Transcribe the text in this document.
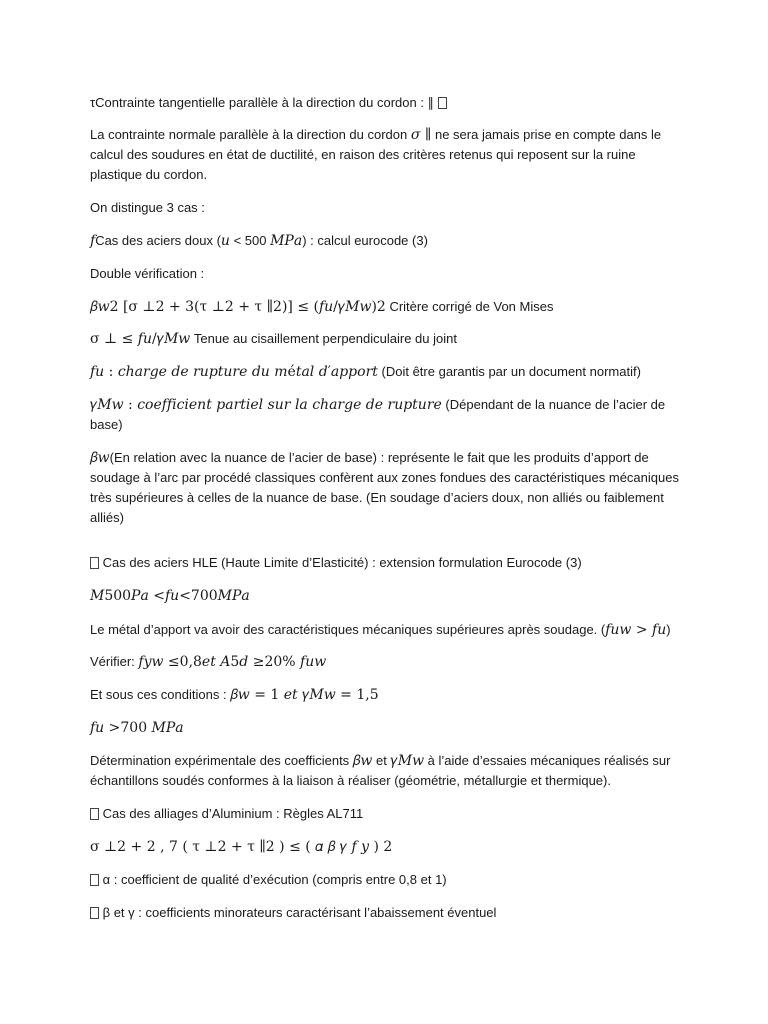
τContrainte tangentielle parallèle à la direction du cordon : ∥

La contrainte normale parallèle à la direction du cordon σ ∥ ne sera jamais prise en compte dans le calcul des soudures en état de ductilité, en raison des critères retenus qui reposent sur la ruine plastique du cordon.

On distingue 3 cas :

fCas des aciers doux (u < 500 𝑀𝑃𝑎) : calcul eurocode (3)

Double vérification :

𝛽𝑤2 [σ ⊥2 + 3(τ ⊥2 + τ ∥2)] ≤ (𝑓𝑢/𝛾𝑀𝑤)2 Critère corrigé de Von Mises

σ ⊥ ≤ 𝑓𝑢/𝛾𝑀𝑤 Tenue au cisaillement perpendiculaire du joint

𝑓𝑢 : 𝑐ℎ𝑎𝑟𝑔𝑒 𝑑𝑒 𝑟𝑢𝑝𝑡𝑢𝑟𝑒 𝑑𝑢 𝑚é𝑡𝑎𝑙 𝑑′𝑎𝑝𝑝𝑜𝑟𝑡 (Doit être garantis par un document normatif)

𝛾𝑀𝑤 : 𝑐𝑜𝑒𝑓𝑓𝑖𝑐𝑖𝑒𝑛𝑡 𝑝𝑎𝑟𝑡𝑖𝑒𝑙 𝑠𝑢𝑟 𝑙𝑎 𝑐ℎ𝑎𝑟𝑔𝑒 𝑑𝑒 𝑟𝑢𝑝𝑡𝑢𝑟𝑒 (Dépendant de la nuance de l’acier de base)

𝛽𝑤(En relation avec la nuance de l’acier de base) : représente le fait que les produits d’apport de soudage à l’arc par procédé classiques confèrent aux zones fondues des caractéristiques mécaniques très supérieures à celles de la nuance de base. (En soudage d’aciers doux, non alliés ou faiblement alliés)

Cas des aciers HLE (Haute Limite d’Elasticité) : extension formulation Eurocode (3)

𝑀500𝑃𝑎 <𝑓𝑢<700𝑀𝑃𝑎

Le métal d’apport va avoir des caractéristiques mécaniques supérieures après soudage. (𝑓𝑢𝑤 > 𝑓𝑢)

Vérifier: 𝑓𝑦𝑤 ≤0,8𝑒𝑡 𝐴5𝑑 ≥20% 𝑓𝑢𝑤

Et sous ces conditions : 𝛽𝑤 = 1 𝑒𝑡 𝛾𝑀𝑤 = 1,5

𝑓𝑢 >700 𝑀𝑃𝑎

Détermination expérimentale des coefficients 𝛽𝑤 et 𝛾𝑀𝑤 à l’aide d’essaies mécaniques réalisés sur échantillons soudés conformes à la liaison à réaliser (géométrie, métallurgie et thermique).

Cas des alliages d’Aluminium : Règles AL711

σ ⊥2 + 2 , 7 ( τ ⊥2 + τ ∥2 ) ≤ ( 𝛼 𝛽 𝛾 𝑓 𝑦 ) 2

α : coefficient de qualité d’exécution (compris entre 0,8 et 1)

β et γ : coefficients minorateurs caractérisant l’abaissement éventuel
